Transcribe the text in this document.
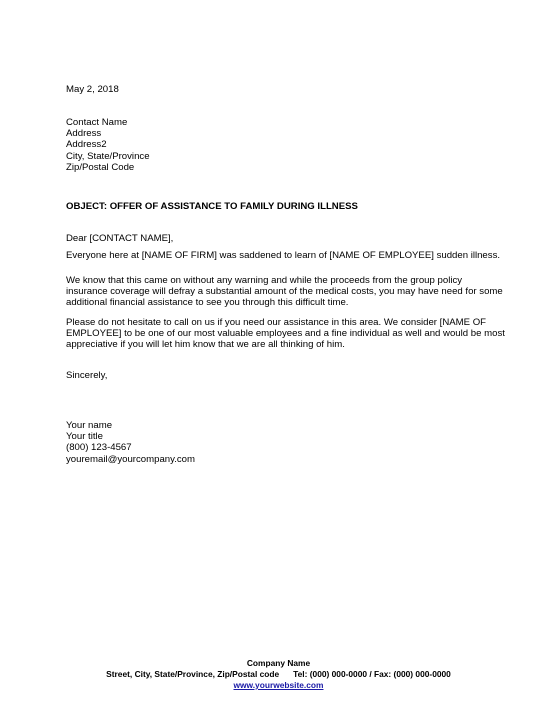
May 2, 2018
Contact Name
Address
Address2
City, State/Province
Zip/Postal Code
OBJECT: OFFER OF ASSISTANCE TO FAMILY DURING ILLNESS
Dear [CONTACT NAME],
Everyone here at [NAME OF FIRM] was saddened to learn of [NAME OF EMPLOYEE] sudden illness.
We know that this came on without any warning and while the proceeds from the group policy insurance coverage will defray a substantial amount of the medical costs, you may have need for some additional financial assistance to see you through this difficult time.
Please do not hesitate to call on us if you need our assistance in this area. We consider [NAME OF EMPLOYEE] to be one of our most valuable employees and a fine individual as well and would be most appreciative if you will let him know that we are all thinking of him.
Sincerely,
Your name
Your title
(800) 123-4567
youremail@yourcompany.com
Company Name
Street, City, State/Province, Zip/Postal code Tel: (000) 000-0000 / Fax: (000) 000-0000
www.yourwebsite.com
